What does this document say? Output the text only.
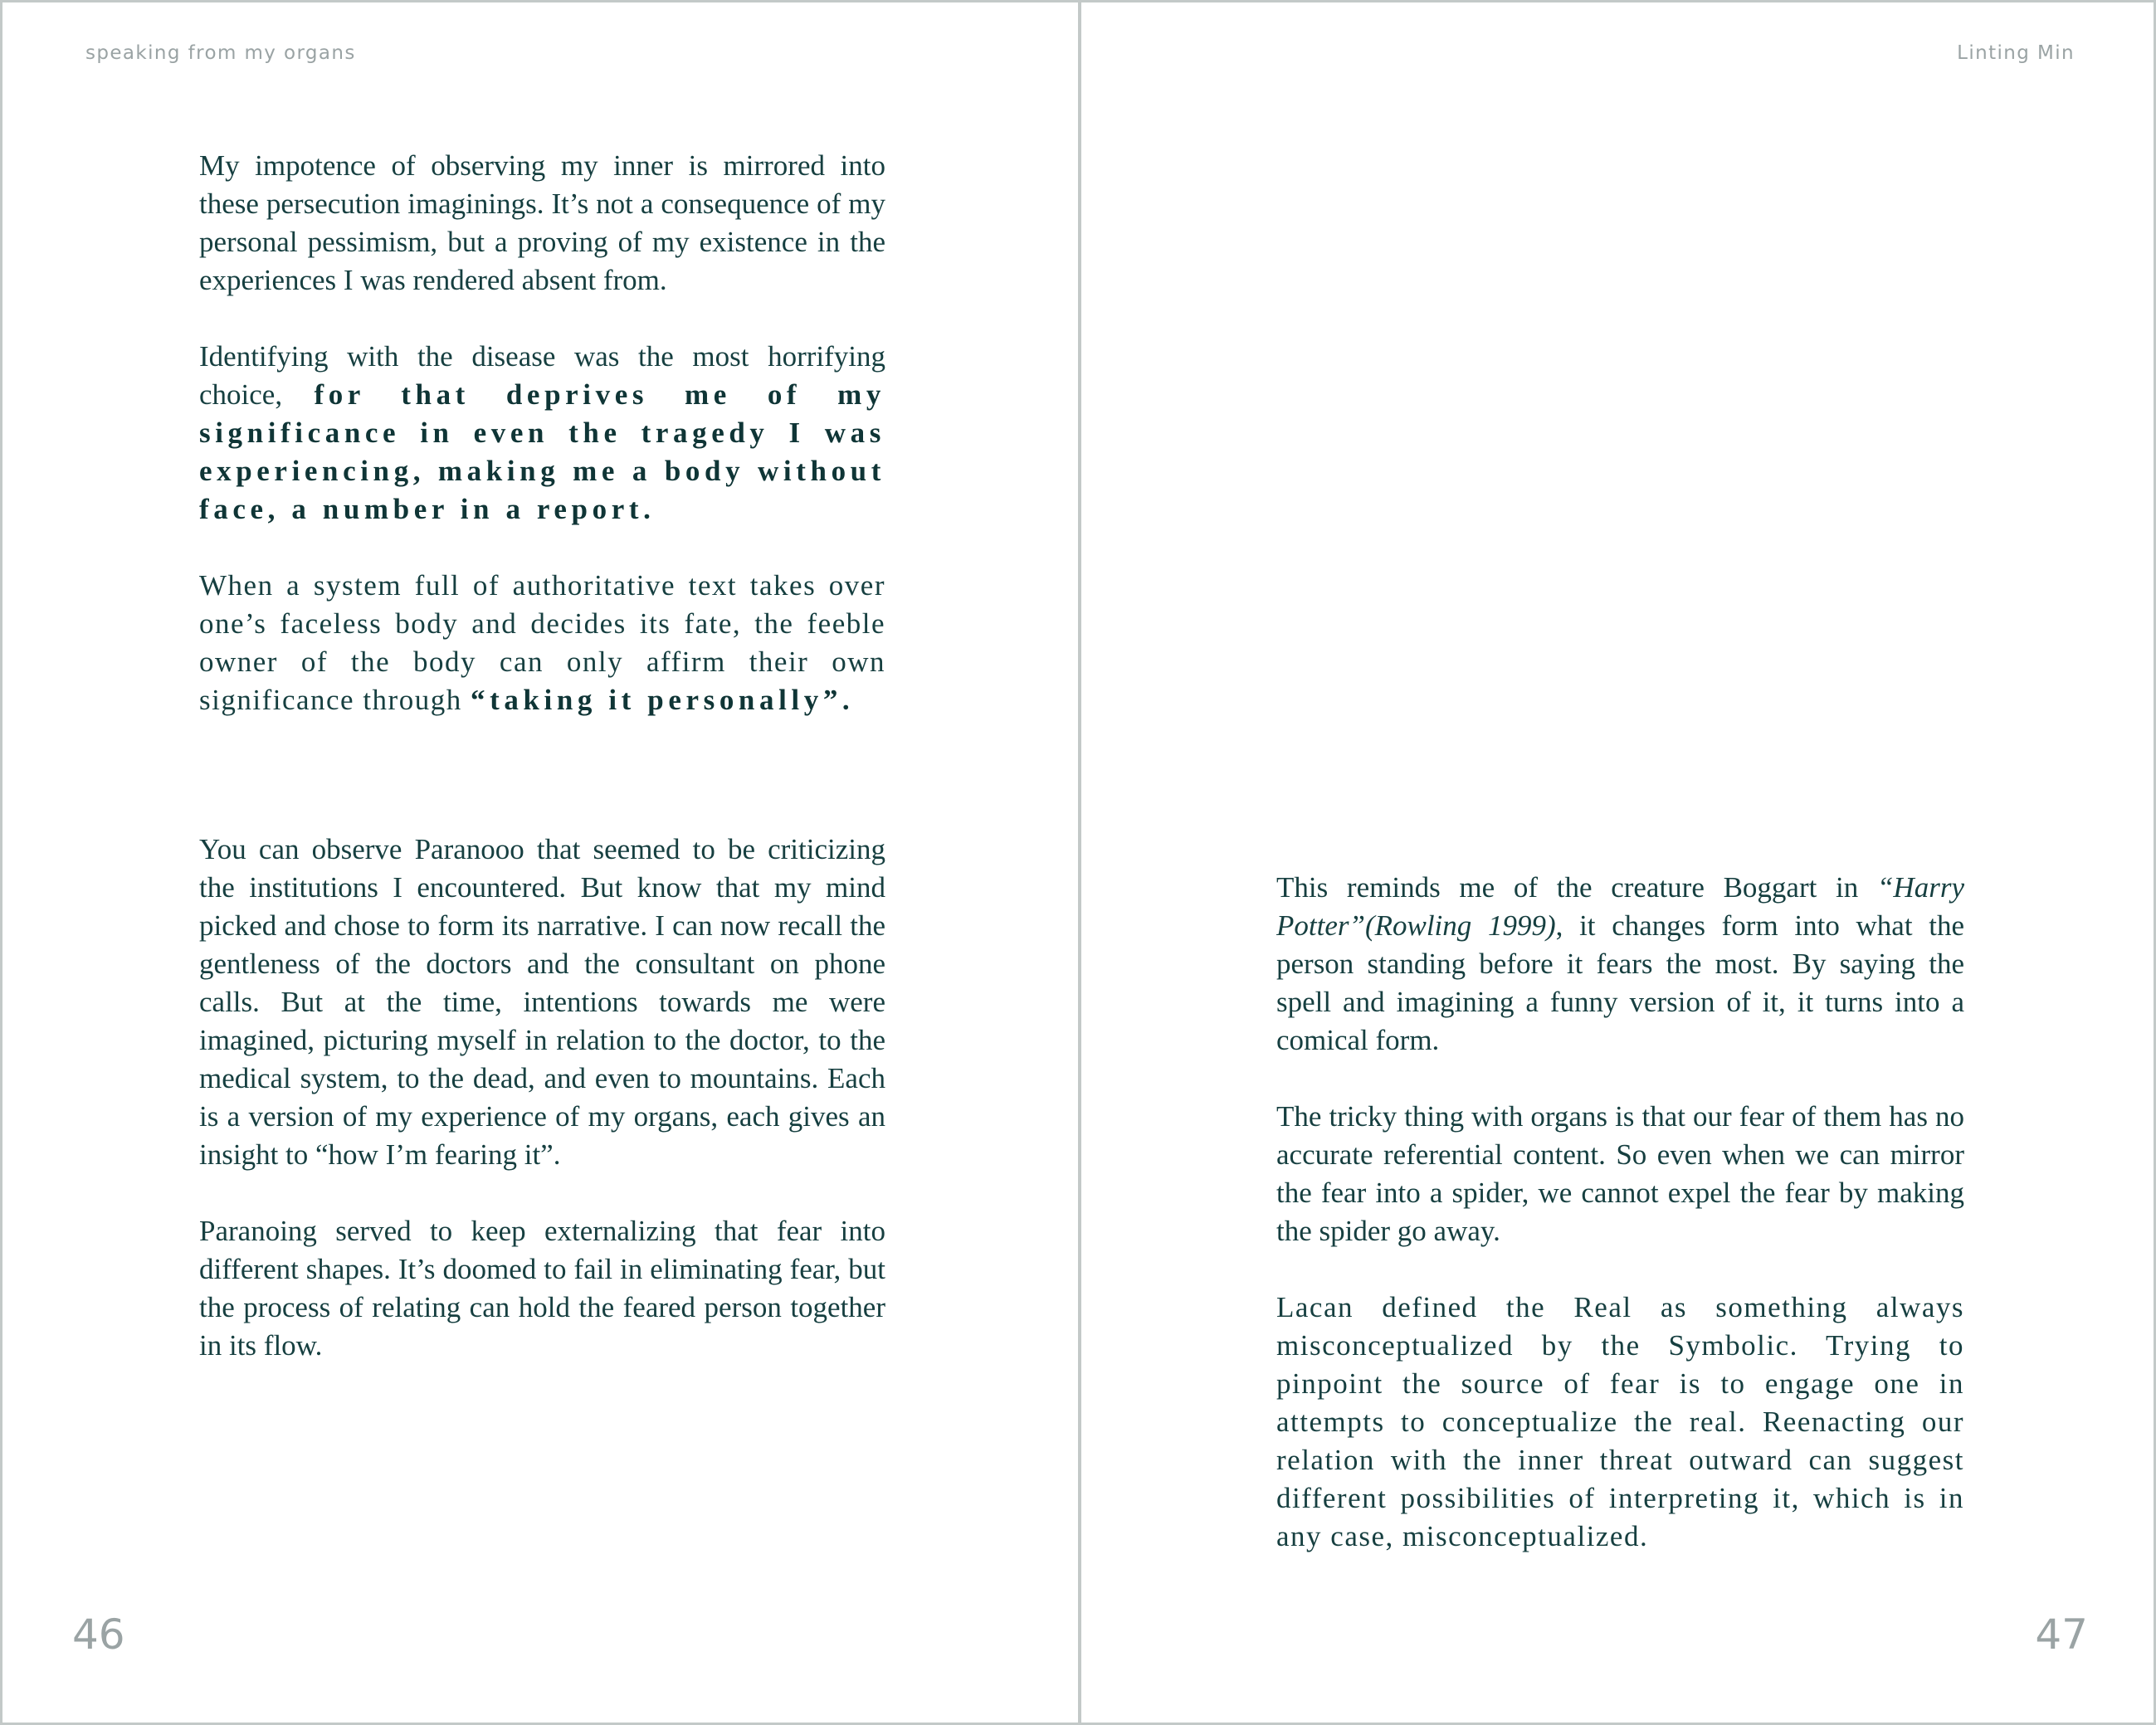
speaking from my organs

My impotence of observing my inner is mirrored into these persecution imaginings. It’s not a consequence of my personal pessimism, but a proving of my existence in the experiences I was rendered absent from.

Identifying with the disease was the most horrifying choice, for that deprives me of my significance in even the tragedy I was experiencing, making me a body without face, a number in a report.

When a system full of authoritative text takes over one’s faceless body and decides its fate, the feeble owner of the body can only affirm their own significance through “taking it personally”.

You can observe Paranooo that seemed to be criticizing the institutions I encountered. But know that my mind picked and chose to form its narrative. I can now recall the gentleness of the doctors and the consultant on phone calls. But at the time, intentions towards me were imagined, picturing myself in relation to the doctor, to the medical system, to the dead, and even to mountains. Each is a version of my experience of my organs, each gives an insight to “how I’m fearing it”.

Paranoing served to keep externalizing that fear into different shapes. It’s doomed to fail in eliminating fear, but the process of relating can hold the feared person together in its flow.

46
Linting Min

This reminds me of the creature Boggart in “Harry Potter”(Rowling 1999), it changes form into what the person standing before it fears the most. By saying the spell and imagining a funny version of it, it turns into a comical form.

The tricky thing with organs is that our fear of them has no accurate referential content. So even when we can mirror the fear into a spider, we cannot expel the fear by making the spider go away.

Lacan defined the Real as something always misconceptualized by the Symbolic. Trying to pinpoint the source of fear is to engage one in attempts to conceptualize the real. Reenacting our relation with the inner threat outward can suggest different possibilities of interpreting it, which is in any case, misconceptualized.

47
